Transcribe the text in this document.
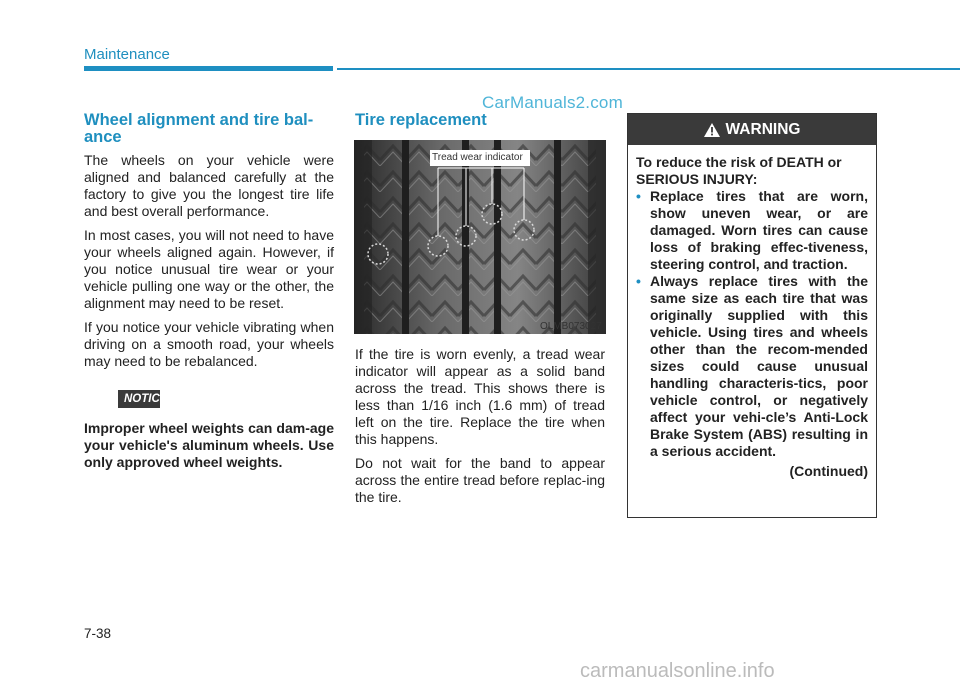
Maintenance
CarManuals2.com
Wheel alignment and tire bal-
ance

The wheels on your vehicle were aligned and balanced carefully at the factory to give you the longest tire life and best overall performance.

In most cases, you will not need to have your wheels aligned again. However, if you notice unusual tire wear or your vehicle pulling one way or the other, the alignment may need to be reset.

If you notice your vehicle vibrating when driving on a smooth road, your wheels may need to be rebalanced.

NOTICE
Improper wheel weights can dam-age your vehicle's aluminum wheels. Use only approved wheel weights.
Tire replacement
Tread wear indicator
OLMB073027

If the tire is worn evenly, a tread wear indicator will appear as a solid band across the tread. This shows there is less than 1/16 inch (1.6 mm) of tread left on the tire. Replace the tire when this happens.

Do not wait for the band to appear across the entire tread before replac-ing the tire.

WARNING
To reduce the risk of DEATH or SERIOUS INJURY:
• Replace tires that are worn, show uneven wear, or are damaged. Worn tires can cause loss of braking effec-tiveness, steering control, and traction.
• Always replace tires with the same size as each tire that was originally supplied with this vehicle. Using tires and wheels other than the recom-mended sizes could cause unusual handling characteris-tics, poor vehicle control, or negatively affect your vehi-cle’s Anti-Lock Brake System (ABS) resulting in a serious accident.
(Continued)
7-38
carmanualsonline.info
